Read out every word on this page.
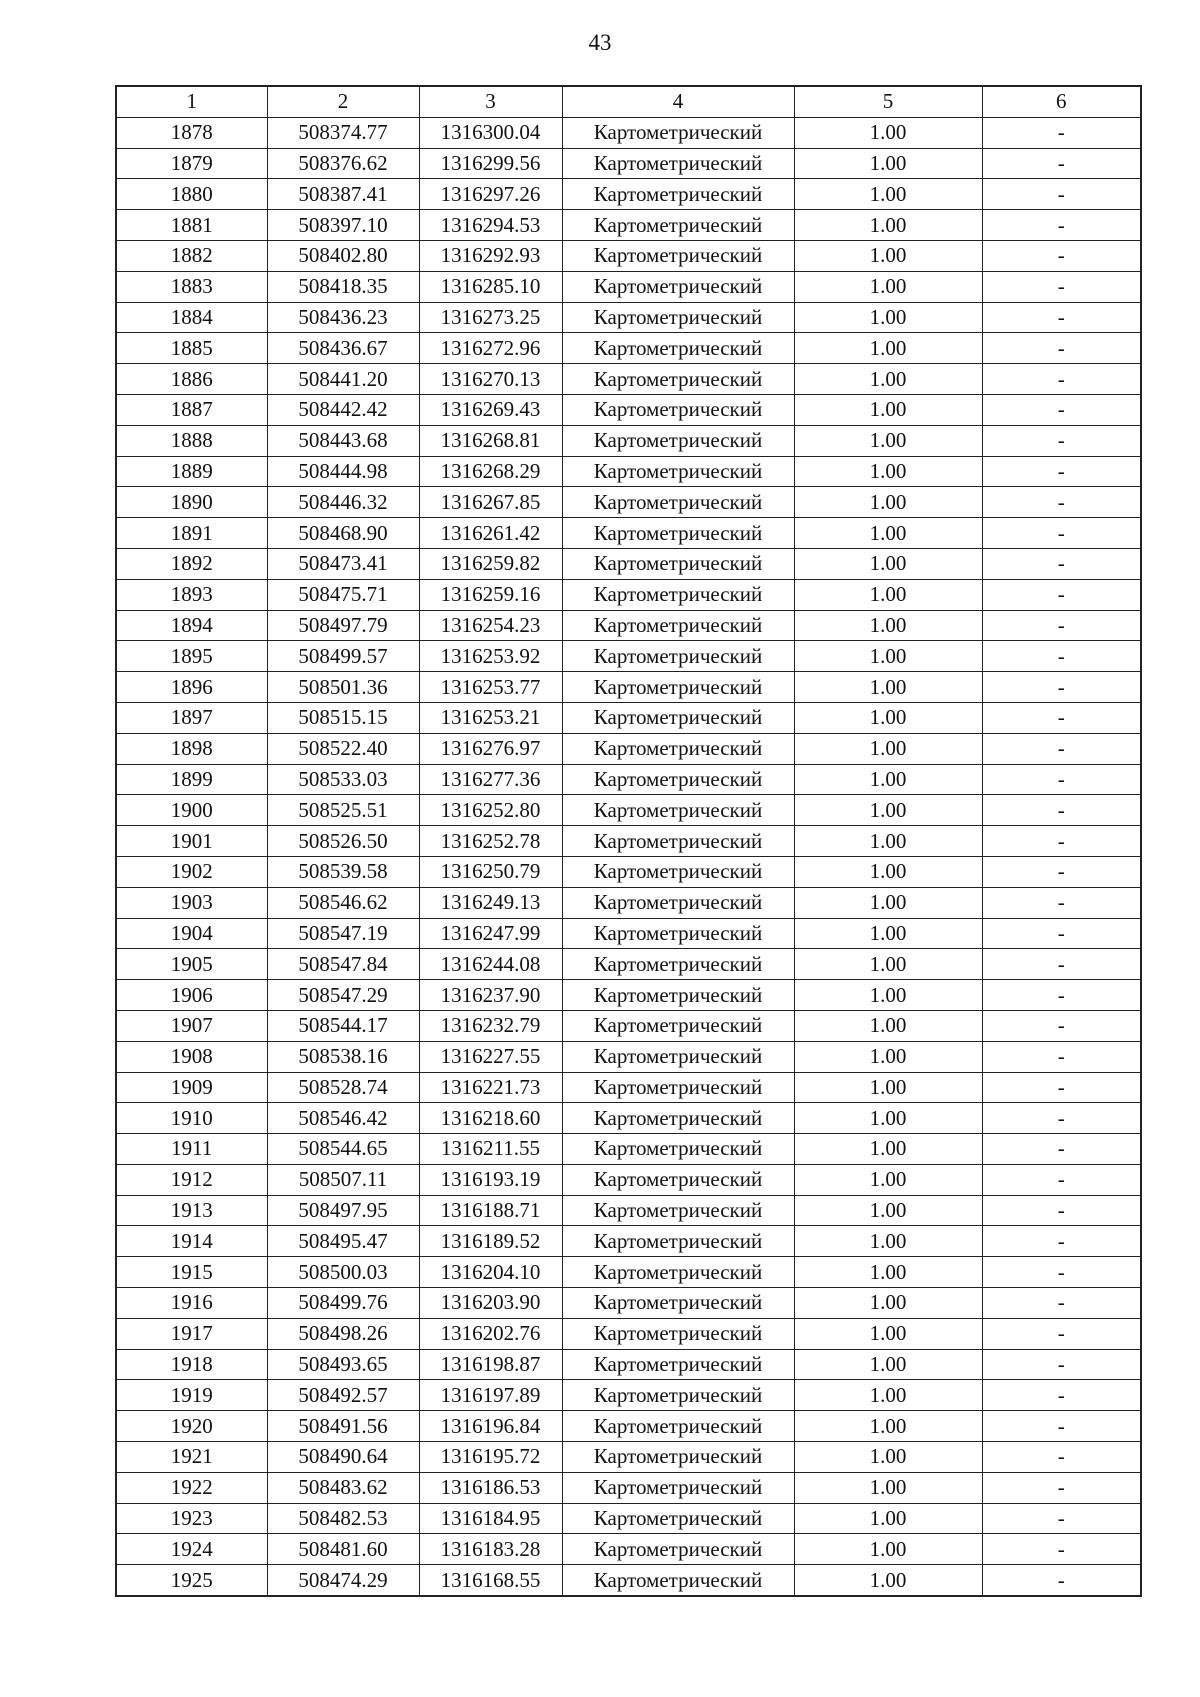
43
1	2	3	4	5	6
1878	508374.77	1316300.04	Картометрический	1.00	-
1879	508376.62	1316299.56	Картометрический	1.00	-
1880	508387.41	1316297.26	Картометрический	1.00	-
1881	508397.10	1316294.53	Картометрический	1.00	-
1882	508402.80	1316292.93	Картометрический	1.00	-
1883	508418.35	1316285.10	Картометрический	1.00	-
1884	508436.23	1316273.25	Картометрический	1.00	-
1885	508436.67	1316272.96	Картометрический	1.00	-
1886	508441.20	1316270.13	Картометрический	1.00	-
1887	508442.42	1316269.43	Картометрический	1.00	-
1888	508443.68	1316268.81	Картометрический	1.00	-
1889	508444.98	1316268.29	Картометрический	1.00	-
1890	508446.32	1316267.85	Картометрический	1.00	-
1891	508468.90	1316261.42	Картометрический	1.00	-
1892	508473.41	1316259.82	Картометрический	1.00	-
1893	508475.71	1316259.16	Картометрический	1.00	-
1894	508497.79	1316254.23	Картометрический	1.00	-
1895	508499.57	1316253.92	Картометрический	1.00	-
1896	508501.36	1316253.77	Картометрический	1.00	-
1897	508515.15	1316253.21	Картометрический	1.00	-
1898	508522.40	1316276.97	Картометрический	1.00	-
1899	508533.03	1316277.36	Картометрический	1.00	-
1900	508525.51	1316252.80	Картометрический	1.00	-
1901	508526.50	1316252.78	Картометрический	1.00	-
1902	508539.58	1316250.79	Картометрический	1.00	-
1903	508546.62	1316249.13	Картометрический	1.00	-
1904	508547.19	1316247.99	Картометрический	1.00	-
1905	508547.84	1316244.08	Картометрический	1.00	-
1906	508547.29	1316237.90	Картометрический	1.00	-
1907	508544.17	1316232.79	Картометрический	1.00	-
1908	508538.16	1316227.55	Картометрический	1.00	-
1909	508528.74	1316221.73	Картометрический	1.00	-
1910	508546.42	1316218.60	Картометрический	1.00	-
1911	508544.65	1316211.55	Картометрический	1.00	-
1912	508507.11	1316193.19	Картометрический	1.00	-
1913	508497.95	1316188.71	Картометрический	1.00	-
1914	508495.47	1316189.52	Картометрический	1.00	-
1915	508500.03	1316204.10	Картометрический	1.00	-
1916	508499.76	1316203.90	Картометрический	1.00	-
1917	508498.26	1316202.76	Картометрический	1.00	-
1918	508493.65	1316198.87	Картометрический	1.00	-
1919	508492.57	1316197.89	Картометрический	1.00	-
1920	508491.56	1316196.84	Картометрический	1.00	-
1921	508490.64	1316195.72	Картометрический	1.00	-
1922	508483.62	1316186.53	Картометрический	1.00	-
1923	508482.53	1316184.95	Картометрический	1.00	-
1924	508481.60	1316183.28	Картометрический	1.00	-
1925	508474.29	1316168.55	Картометрический	1.00	-
